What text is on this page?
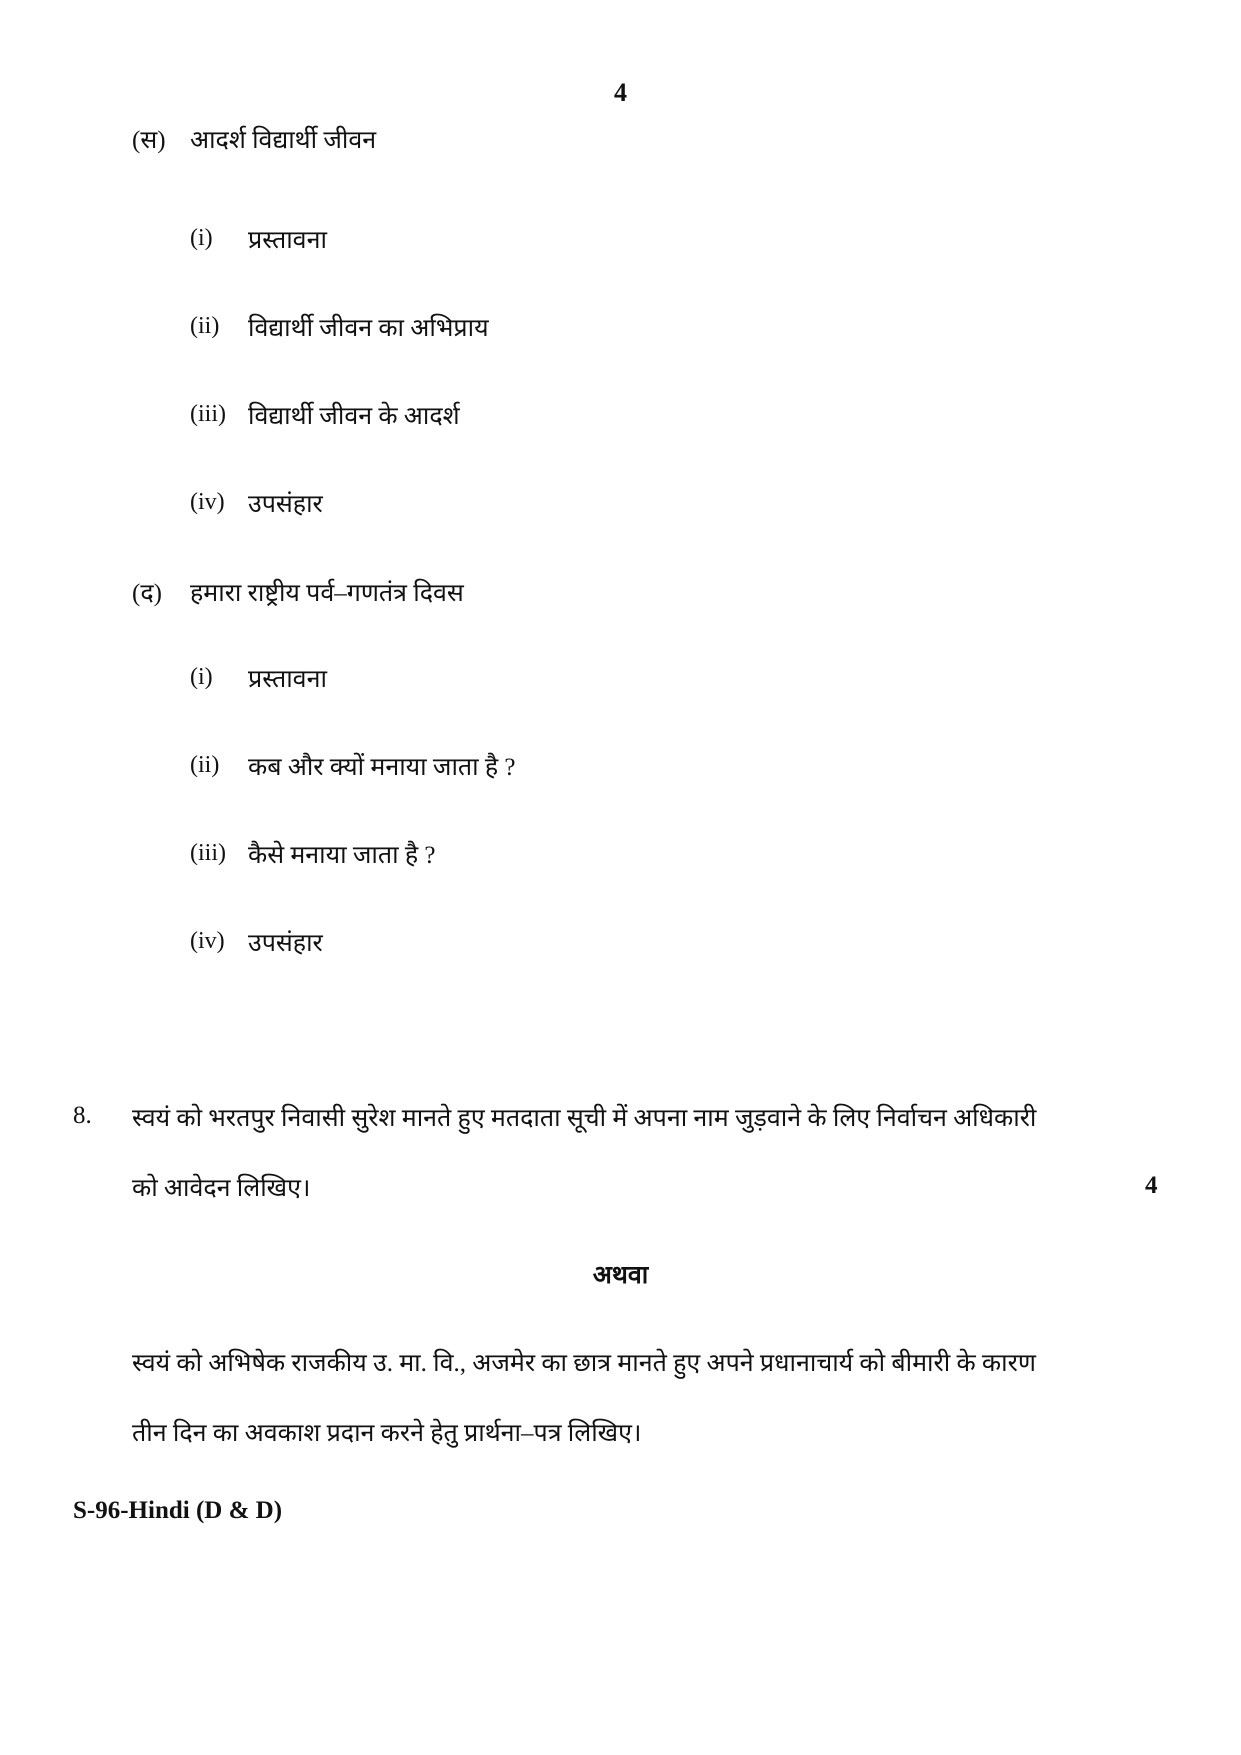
4
(स) आदर्श विद्यार्थी जीवन
(i) प्रस्तावना
(ii) विद्यार्थी जीवन का अभिप्राय
(iii) विद्यार्थी जीवन के आदर्श
(iv) उपसंहार
(द) हमारा राष्ट्रीय पर्व–गणतंत्र दिवस
(i) प्रस्तावना
(ii) कब और क्यों मनाया जाता है ?
(iii) कैसे मनाया जाता है ?
(iv) उपसंहार
8. स्वयं को भरतपुर निवासी सुरेश मानते हुए मतदाता सूची में अपना नाम जुड़वाने के लिए निर्वाचन अधिकारी
को आवेदन लिखिए।	4
अथवा
स्वयं को अभिषेक राजकीय उ. मा. वि., अजमेर का छात्र मानते हुए अपने प्रधानाचार्य को बीमारी के कारण
तीन दिन का अवकाश प्रदान करने हेतु प्रार्थना–पत्र लिखिए।
S-96-Hindi (D & D)
